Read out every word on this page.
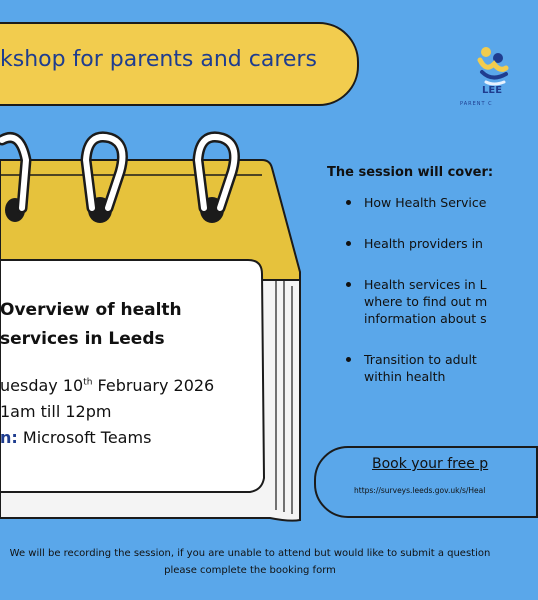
kshop for parents and carers
LEE
PARENT C
Overview of health
services in Leeds
uesday 10th February 2026
1am till 12pm
n: Microsoft Teams
The session will cover:
How Health Service
Health providers in
Health services in L
where to find out m
information about s
Transition to adult
within health
Book your free p
https://surveys.leeds.gov.uk/s/Heal
We will be recording the session, if you are unable to attend but would like to submit a question
please complete the booking form
